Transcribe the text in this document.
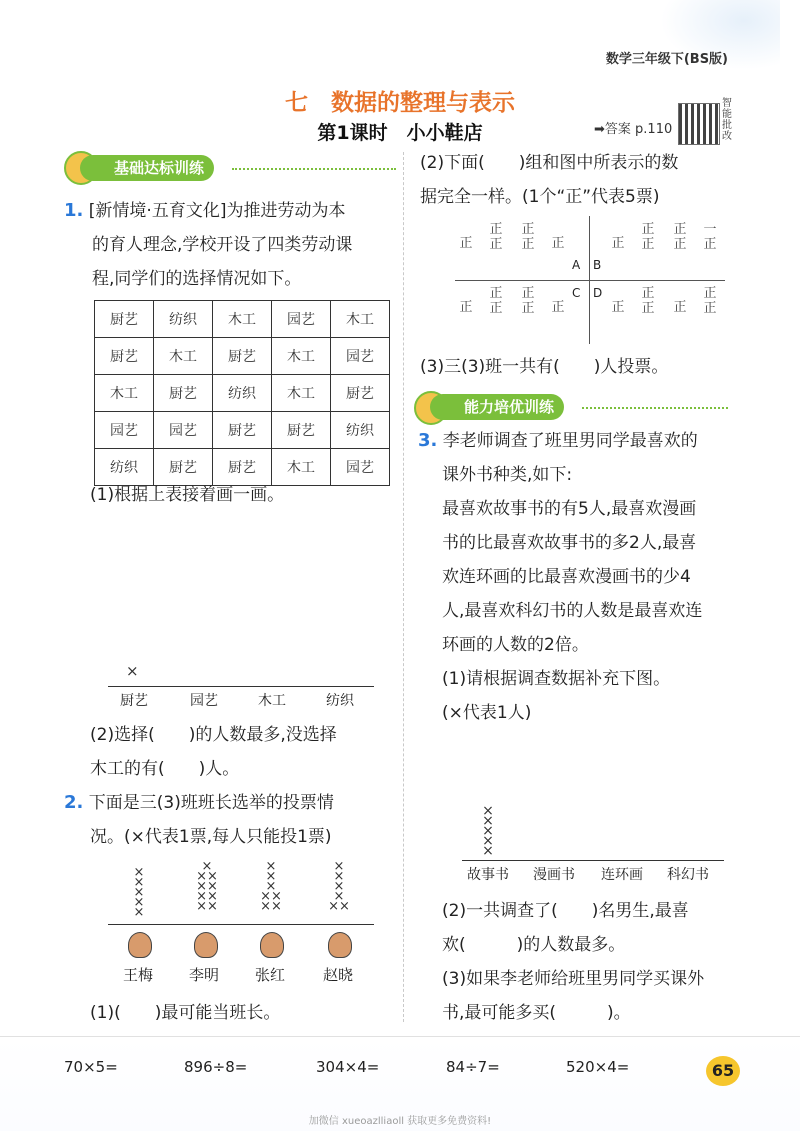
数学三年级下(BS版)
七　数据的整理与表示
第1课时　小小鞋店	➡答案 p.110
智能批改
基础达标训练
1. [新情境·五育文化]为推进劳动为本
的育人理念,学校开设了四类劳动课
程,同学们的选择情况如下。
厨艺	纺织	木工	园艺	木工
厨艺	木工	厨艺	木工	园艺
木工	厨艺	纺织	木工	厨艺
园艺	园艺	厨艺	厨艺	纺织
纺织	厨艺	厨艺	木工	园艺
(1)根据上表接着画一画。
×
厨艺	园艺	木工	纺织
(2)选择(　　)的人数最多,没选择
木工的有(　　)人。
2. 下面是三(3)班班长选举的投票情
况。(×代表1票,每人只能投1票)
×
×
×
×
×
×
××
××
××
××
×
×
×
××
××
×
×
×
×
××
王梅	李明	张红	赵晓
(1)(　　)最可能当班长。
(2)下面(　　)组和图中所表示的数
据完全一样。(1个“正”代表5票)
正
正
正
正
正	正
A B
正
正
正
正
正
一
正
正
正
正
正
正	正
C D
正
正
正	正
正
正
(3)三(3)班一共有(　　)人投票。
能力培优训练
3. 李老师调查了班里男同学最喜欢的
课外书种类,如下:
最喜欢故事书的有5人,最喜欢漫画
书的比最喜欢故事书的多2人,最喜
欢连环画的比最喜欢漫画书的少4
人,最喜欢科幻书的人数是最喜欢连
环画的人数的2倍。
(1)请根据调查数据补充下图。
(×代表1人)
×
×
×
×
×
故事书	漫画书	连环画	科幻书
(2)一共调查了(　　)名男生,最喜
欢(　　　)的人数最多。
(3)如果李老师给班里男同学买课外
书,最可能多买(　　　)。
70×5=	896÷8=	304×4=	84÷7=	520×4=	65
加微信 xueoazlliaoll 获取更多免费资料!
